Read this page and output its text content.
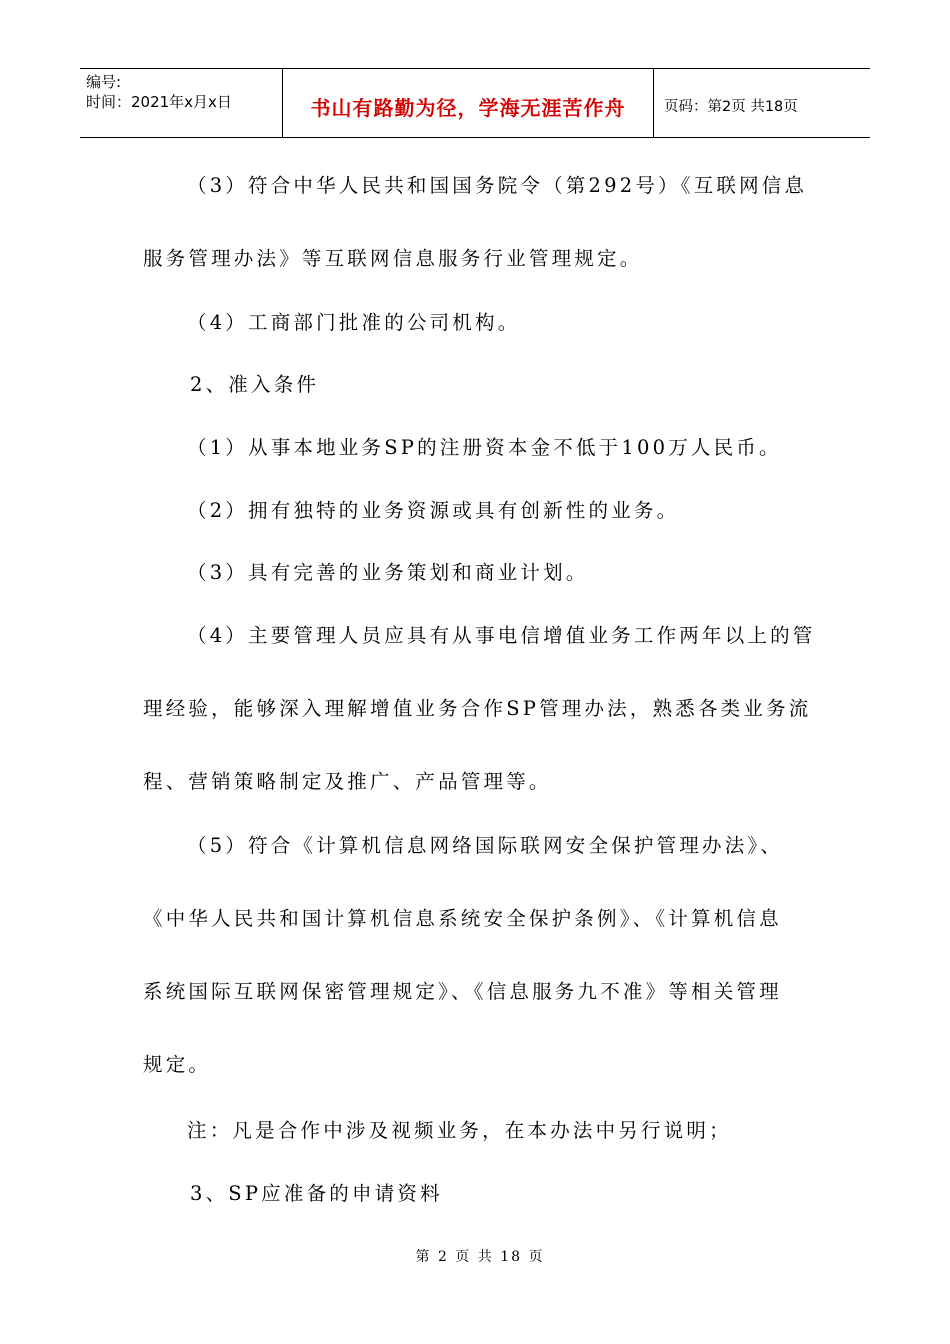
编号:
时间：2021年x月x日	书山有路勤为径，学海无涯苦作舟	页码：第2页 共18页
（3）符合中华人民共和国国务院令（第292号）《互联网信息
服务管理办法》等互联网信息服务行业管理规定。
（4）工商部门批准的公司机构。
2、准入条件
（1）从事本地业务SP的注册资本金不低于100万人民币。
（2）拥有独特的业务资源或具有创新性的业务。
（3）具有完善的业务策划和商业计划。
（4）主要管理人员应具有从事电信增值业务工作两年以上的管
理经验，能够深入理解增值业务合作SP管理办法，熟悉各类业务流
程、营销策略制定及推广、产品管理等。
（5）符合《计算机信息网络国际联网安全保护管理办法》、
《中华人民共和国计算机信息系统安全保护条例》、《计算机信息
系统国际互联网保密管理规定》、《信息服务九不准》等相关管理
规定。
注：凡是合作中涉及视频业务，在本办法中另行说明；
3、SP应准备的申请资料
第 2 页 共 18 页
